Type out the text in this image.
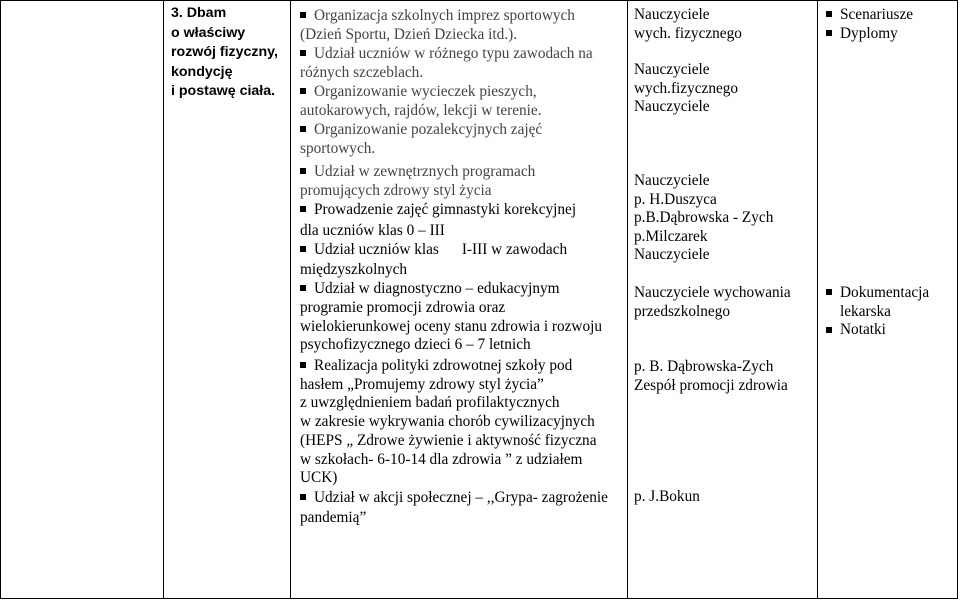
3. Dbam
o właściwy
rozwój fizyczny,
kondycję
i postawę ciała.
Organizacja szkolnych imprez sportowych
(Dzień Sportu, Dzień Dziecka itd.).
Udział uczniów w różnego typu zawodach na
różnych szczeblach.
Organizowanie wycieczek pieszych,
autokarowych, rajdów, lekcji w terenie.
Organizowanie pozalekcyjnych zajęć
sportowych.
Udział w zewnętrznych programach
promujących zdrowy styl życia
Prowadzenie zajęć gimnastyki korekcyjnej
dla uczniów klas 0 – III
Udział uczniów klas      I-III w zawodach
międzyszkolnych
Udział w diagnostyczno – edukacyjnym
programie promocji zdrowia oraz
wielokierunkowej oceny stanu zdrowia i rozwoju
psychofizycznego dzieci 6 – 7 letnich
Realizacja polityki zdrowotnej szkoły pod
hasłem „Promujemy zdrowy styl życia”
z uwzględnieniem badań profilaktycznych
w zakresie wykrywania chorób cywilizacyjnych
(HEPS „ Zdrowe żywienie i aktywność fizyczna
w szkołach- 6-10-14 dla zdrowia ” z udziałem
UCK)
Udział w akcji społecznej – ,,Grypa- zagrożenie
pandemią”
Nauczyciele
wych. fizycznego
Nauczyciele
wych.fizycznego
Nauczyciele
Nauczyciele
p. H.Duszyca
p.B.Dąbrowska - Zych
p.Milczarek
Nauczyciele
Nauczyciele wychowania
przedszkolnego
p. B. Dąbrowska-Zych
Zespół promocji zdrowia
p. J.Bokun
Scenariusze
Dyplomy
Dokumentacja
lekarska
Notatki
